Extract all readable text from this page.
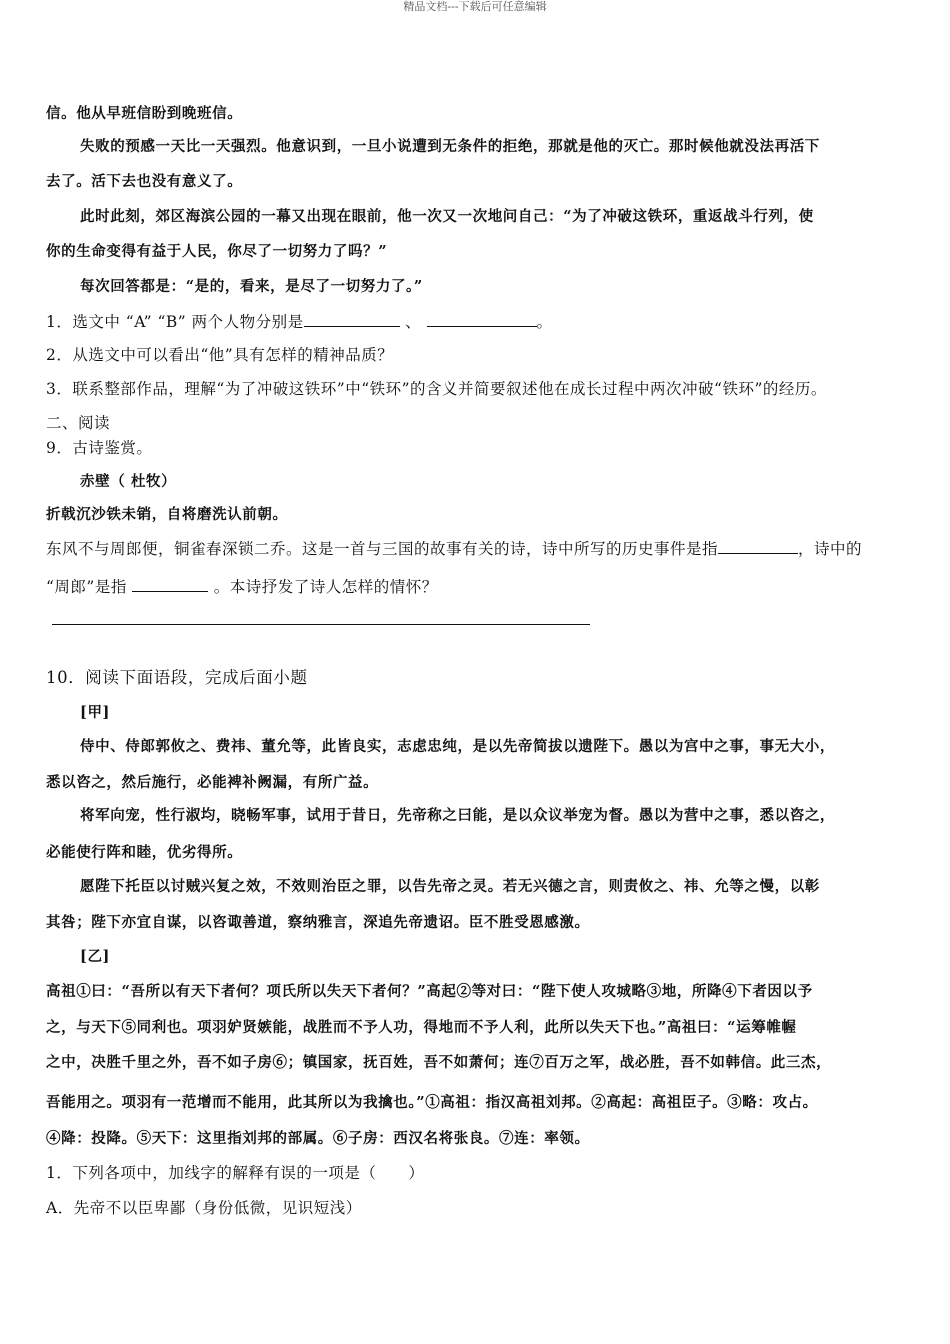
精品文档---下载后可任意编辑
信。他从早班信盼到晚班信。
失败的预感一天比一天强烈。他意识到，一旦小说遭到无条件的拒绝，那就是他的灭亡。那时候他就没法再活下
去了。活下去也没有意义了。
此时此刻，郊区海滨公园的一幕又出现在眼前，他一次又一次地问自己：“为了冲破这铁环，重返战斗行列，使
你的生命变得有益于人民，你尽了一切努力了吗？”
每次回答都是：“是的，看来，是尽了一切努力了。”
1．选文中 “A” “B” 两个人物分别是	、	。
2．从选文中可以看出“他”具有怎样的精神品质？
3．联系整部作品，理解“为了冲破这铁环”中“铁环”的含义并简要叙述他在成长过程中两次冲破“铁环”的经历。
二、阅读
9．古诗鉴赏。
赤壁（ 杜牧）
折戟沉沙铁未销，自将磨洗认前朝。
东风不与周郎便，铜雀春深锁二乔。这是一首与三国的故事有关的诗，诗中所写的历史事件是指	，诗中的
“周郎”是指	。本诗抒发了诗人怎样的情怀？
10．阅读下面语段，完成后面小题
[甲]
侍中、侍郎郭攸之、费祎、董允等，此皆良实，志虑忠纯，是以先帝简拔以遗陛下。愚以为宫中之事，事无大小，
悉以咨之，然后施行，必能裨补阙漏，有所广益。
将军向宠，性行淑均，晓畅军事，试用于昔日，先帝称之曰能，是以众议举宠为督。愚以为营中之事，悉以咨之，
必能使行阵和睦，优劣得所。
愿陛下托臣以讨贼兴复之效，不效则治臣之罪，以告先帝之灵。若无兴德之言，则责攸之、祎、允等之慢，以彰
其咎；陛下亦宜自谋，以咨诹善道，察纳雅言，深追先帝遗诏。臣不胜受恩感激。
[乙]
高祖①曰：“吾所以有天下者何？项氏所以失天下者何？”高起②等对曰：“陛下使人攻城略③地，所降④下者因以予
之，与天下⑤同利也。项羽妒贤嫉能，战胜而不予人功，得地而不予人利，此所以失天下也。”高祖曰：“运筹帷幄
之中，决胜千里之外，吾不如子房⑥；镇国家，抚百姓，吾不如萧何；连⑦百万之军，战必胜，吾不如韩信。此三杰，
吾能用之。项羽有一范增而不能用，此其所以为我擒也。”①高祖：指汉高祖刘邦。②高起：高祖臣子。③略：攻占。
④降：投降。⑤天下：这里指刘邦的部属。⑥子房：西汉名将张良。⑦连：率领。
1．下列各项中，加线字的解释有误的一项是（　　）
A．先帝不以臣卑鄙（身份低微，见识短浅）
